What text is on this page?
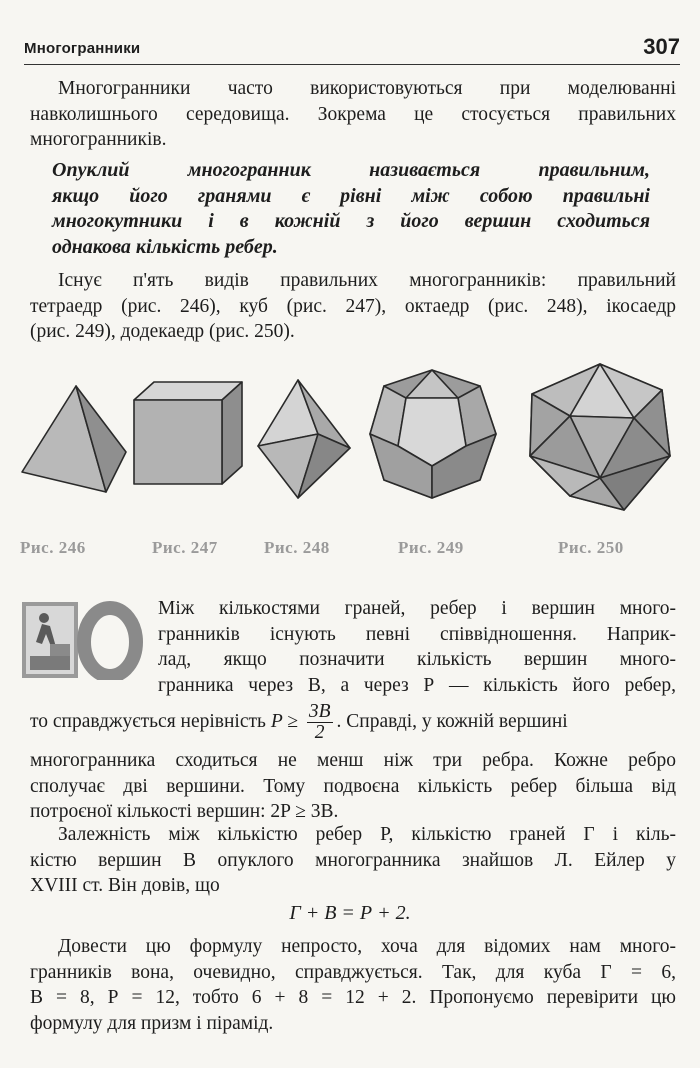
Многогранники	307
Многогранники часто використовуються при моделюванні
навколишнього середовища. Зокрема це стосується правильних
многогранників.
Опуклий многогранник називається правильним,
якщо його гранями є рівні між собою правильні
многокутники і в кожній з його вершин сходиться
однакова кількість ребер.
Існує п'ять видів правильних многогранників: правильний
тетраедр (рис. 246), куб (рис. 247), октаедр (рис. 248), ікосаедр
(рис. 249), додекаедр (рис. 250).
Рис. 246	Рис. 247	Рис. 248	Рис. 249	Рис. 250
Між кількостями граней, ребер і вершин много-
гранників існують певні співвідношення. Наприк-
лад, якщо позначити кількість вершин много-
гранника через В, а через Р — кількість його ребер,
то справджується нерівність $P \ge \frac{3B}{2}$ . Справді, у кожній вершині
многогранника сходиться не менш ніж три ребра. Кожне ребро
сполучає дві вершини. Тому подвоєна кількість ребер більша від
потроєної кількості вершин: 2P ≥ 3B.
Залежність між кількістю ребер Р, кількістю граней Г і кіль-
кістю вершин В опуклого многогранника знайшов Л. Ейлер у
XVIII ст. Він довів, що
Г + В = Р + 2.
Довести цю формулу непросто, хоча для відомих нам много-
гранників вона, очевидно, справджується. Так, для куба Г = 6,
В = 8, Р = 12, тобто 6 + 8 = 12 + 2. Пропонуємо перевірити цю
формулу для призм і пірамід.
